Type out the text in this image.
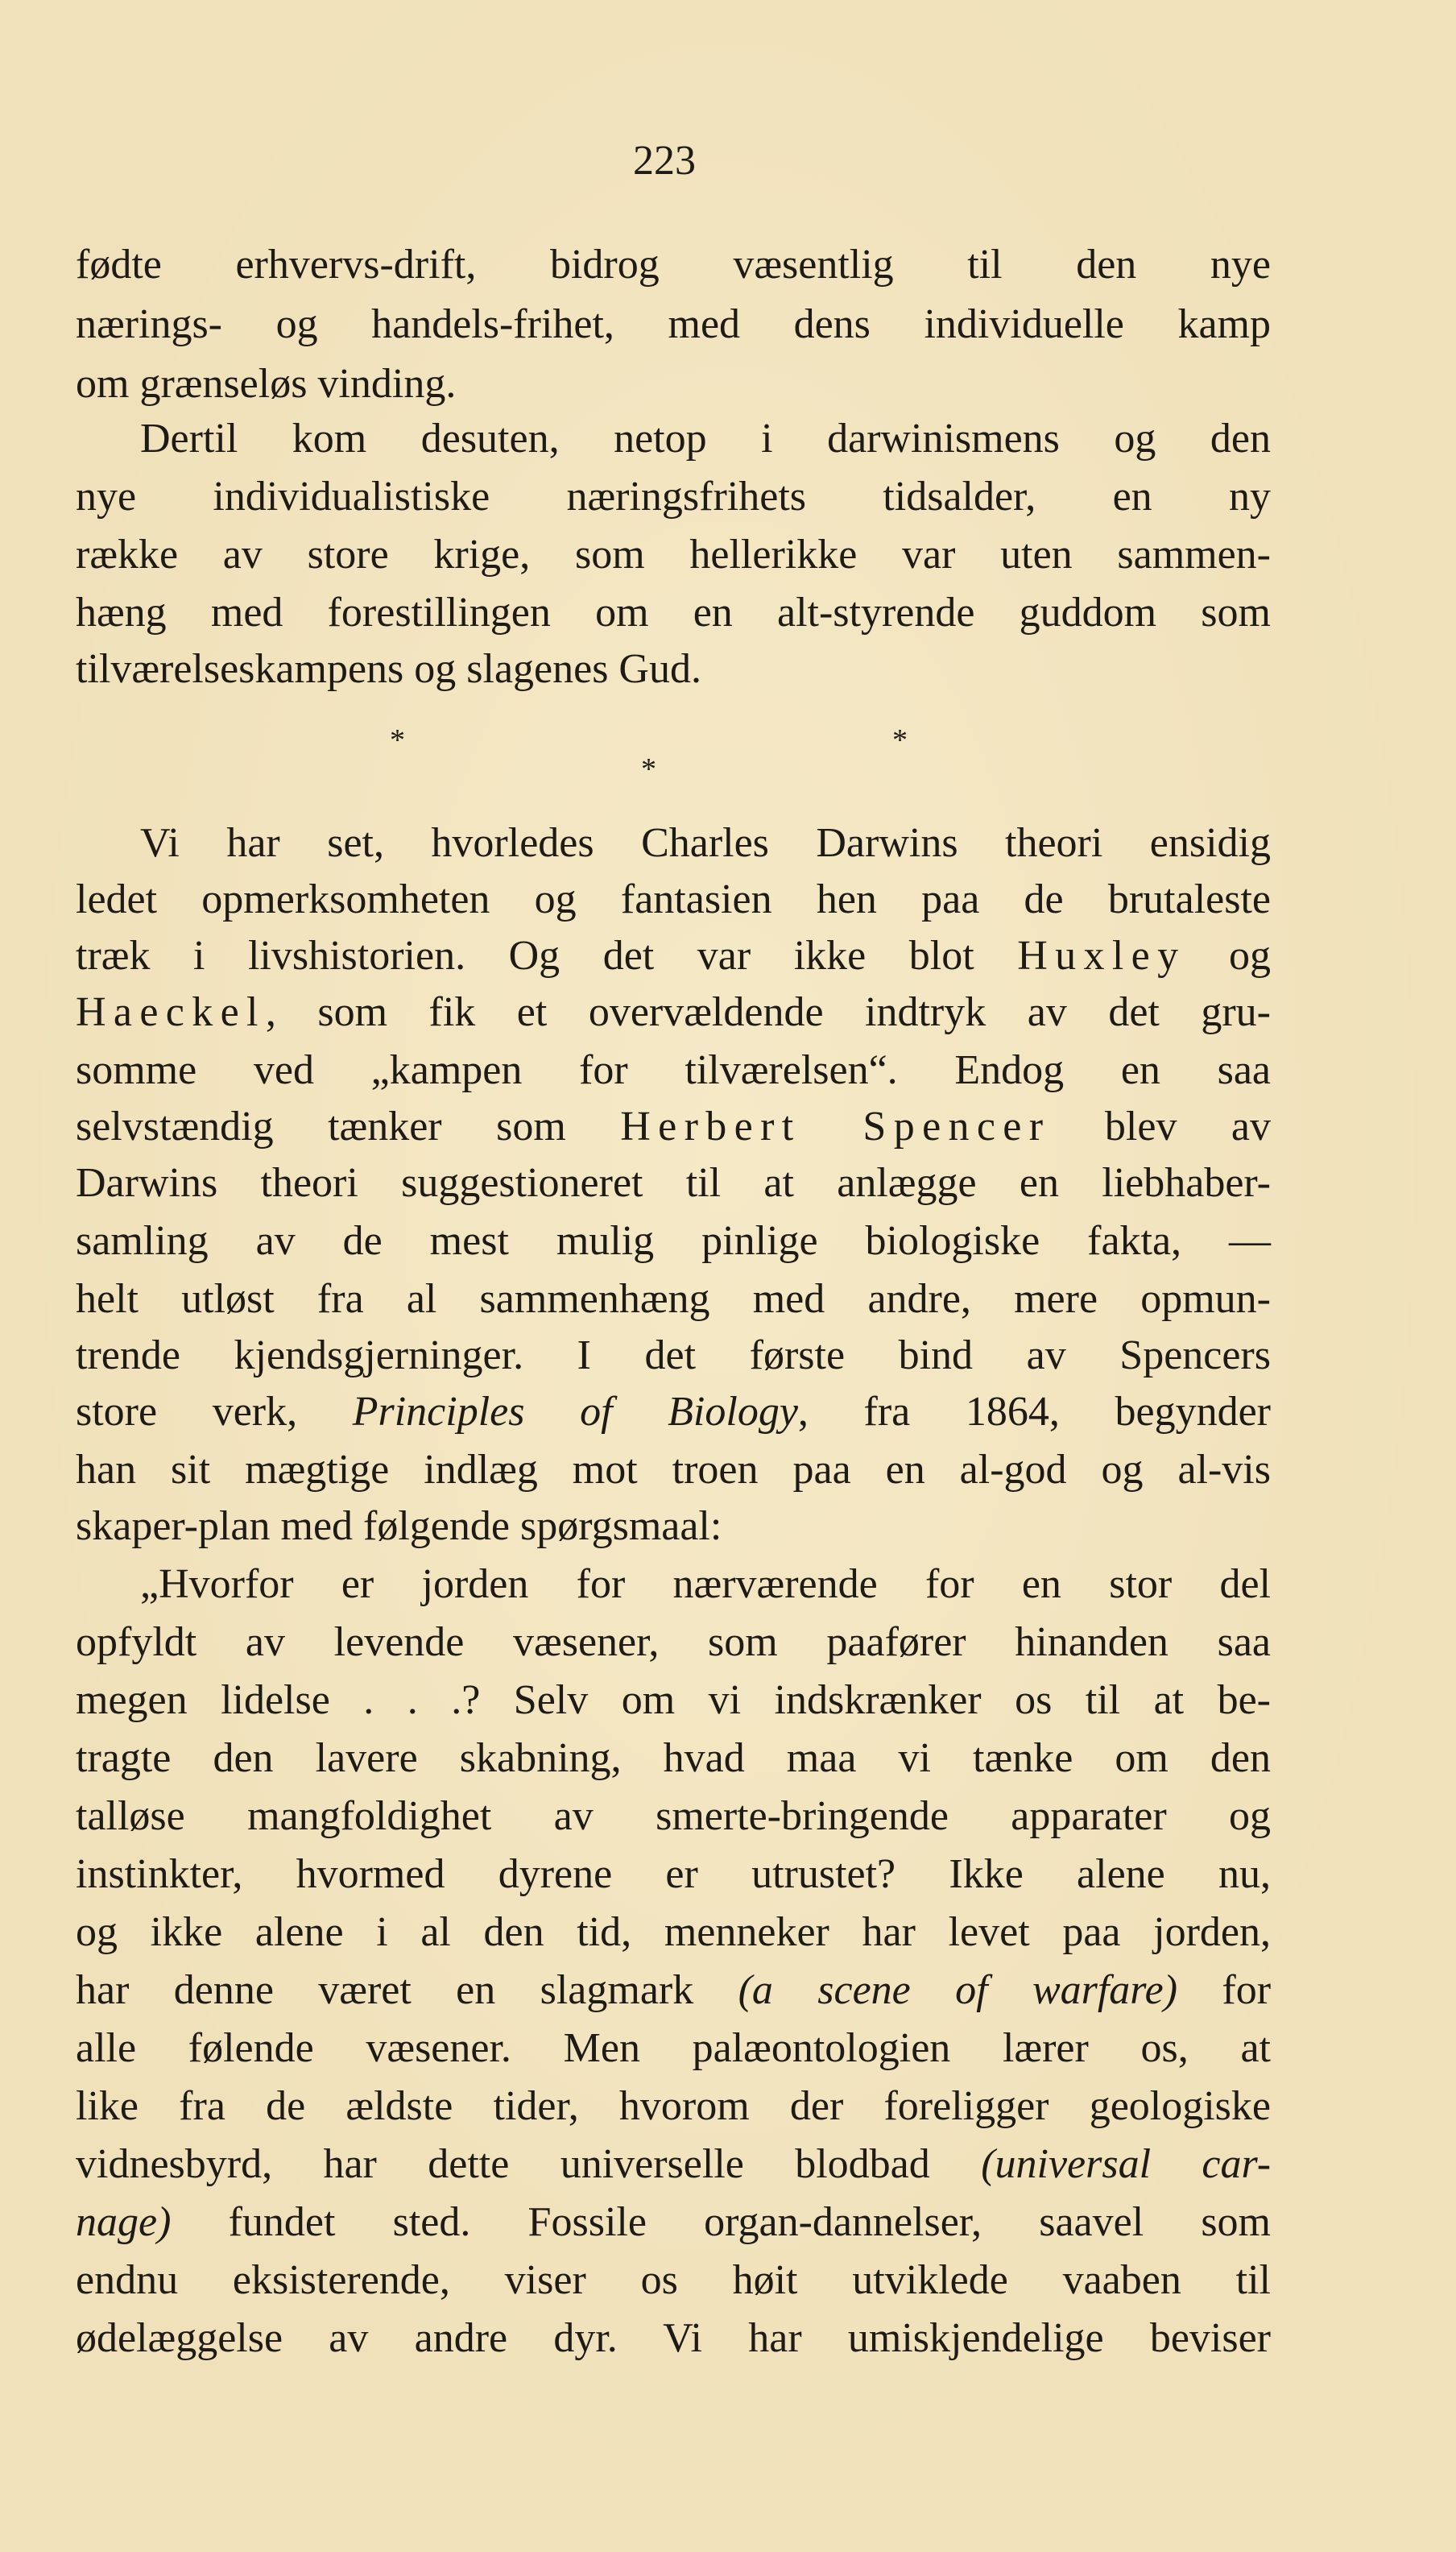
223
*
*
*
fødte erhvervs-drift, bidrog væsentlig til den nye
nærings- og handels-frihet, med dens individuelle kamp
om grænseløs vinding.
Dertil kom desuten, netop i darwinismens og den
nye individualistiske næringsfrihets tidsalder, en ny
række av store krige, som hellerikke var uten sammen-
hæng med forestillingen om en alt-styrende guddom som
tilværelseskampens og slagenes Gud.
Vi har set, hvorledes Charles Darwins theori ensidig
ledet opmerksomheten og fantasien hen paa de brutaleste
træk i livshistorien. Og det var ikke blot Huxley og
Haeckel, som fik et overvældende indtryk av det gru-
somme ved „kampen for tilværelsen“. Endog en saa
selvstændig tænker som Herbert Spencer blev av
Darwins theori suggestioneret til at anlægge en liebhaber-
samling av de mest mulig pinlige biologiske fakta, —
helt utløst fra al sammenhæng med andre, mere opmun-
trende kjendsgjerninger. I det første bind av Spencers
store verk, Principles of Biology, fra 1864, begynder
han sit mægtige indlæg mot troen paa en al-god og al-vis
skaper-plan med følgende spørgsmaal:
„Hvorfor er jorden for nærværende for en stor del
opfyldt av levende væsener, som paafører hinanden saa
megen lidelse . . .? Selv om vi indskrænker os til at be-
tragte den lavere skabning, hvad maa vi tænke om den
talløse mangfoldighet av smerte-bringende apparater og
instinkter, hvormed dyrene er utrustet? Ikke alene nu,
og ikke alene i al den tid, menneker har levet paa jorden,
har denne været en slagmark (a scene of warfare) for
alle følende væsener. Men palæontologien lærer os, at
like fra de ældste tider, hvorom der foreligger geologiske
vidnesbyrd, har dette universelle blodbad (universal car-
nage) fundet sted. Fossile organ-dannelser, saavel som
endnu eksisterende, viser os høit utviklede vaaben til
ødelæggelse av andre dyr. Vi har umiskjendelige beviser
